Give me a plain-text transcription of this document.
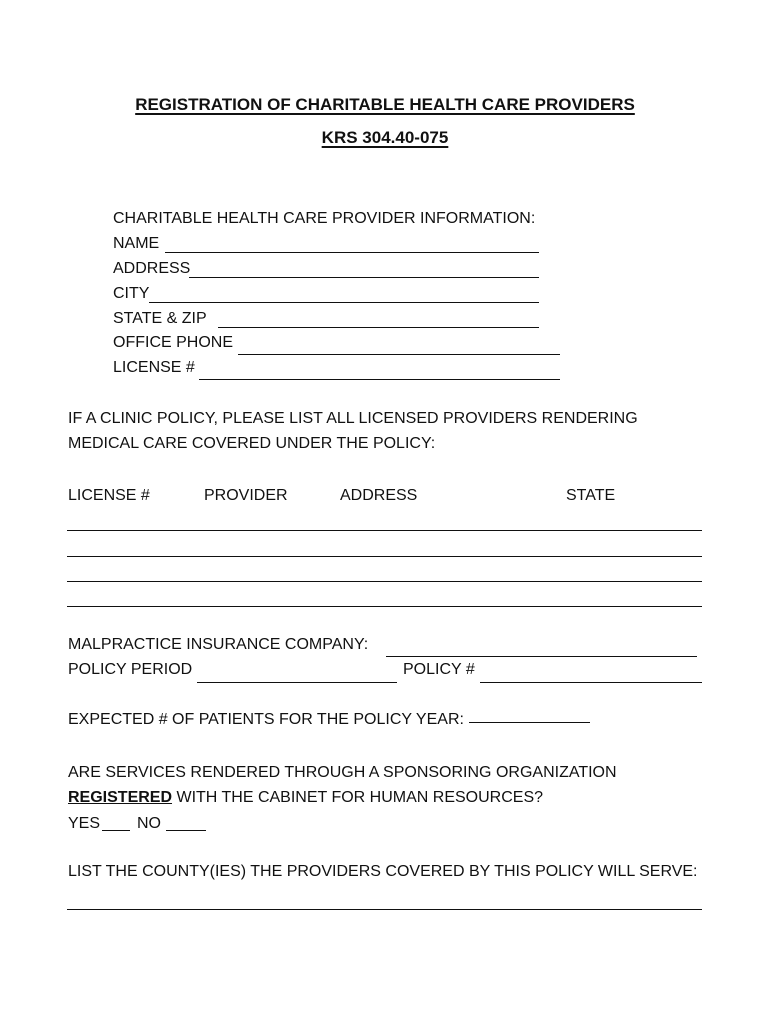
REGISTRATION OF CHARITABLE HEALTH CARE PROVIDERS
KRS 304.40-075
CHARITABLE HEALTH CARE PROVIDER INFORMATION:
NAME
ADDRESS
CITY
STATE & ZIP
OFFICE PHONE
LICENSE #
IF A CLINIC POLICY, PLEASE LIST ALL LICENSED PROVIDERS RENDERING
MEDICAL CARE COVERED UNDER THE POLICY:
LICENSE #	PROVIDER	ADDRESS	STATE
MALPRACTICE INSURANCE COMPANY:
POLICY PERIOD	POLICY #
EXPECTED # OF PATIENTS FOR THE POLICY YEAR:
ARE SERVICES RENDERED THROUGH A SPONSORING ORGANIZATION
REGISTERED WITH THE CABINET FOR HUMAN RESOURCES?
YES NO
LIST THE COUNTY(IES) THE PROVIDERS COVERED BY THIS POLICY WILL SERVE:
